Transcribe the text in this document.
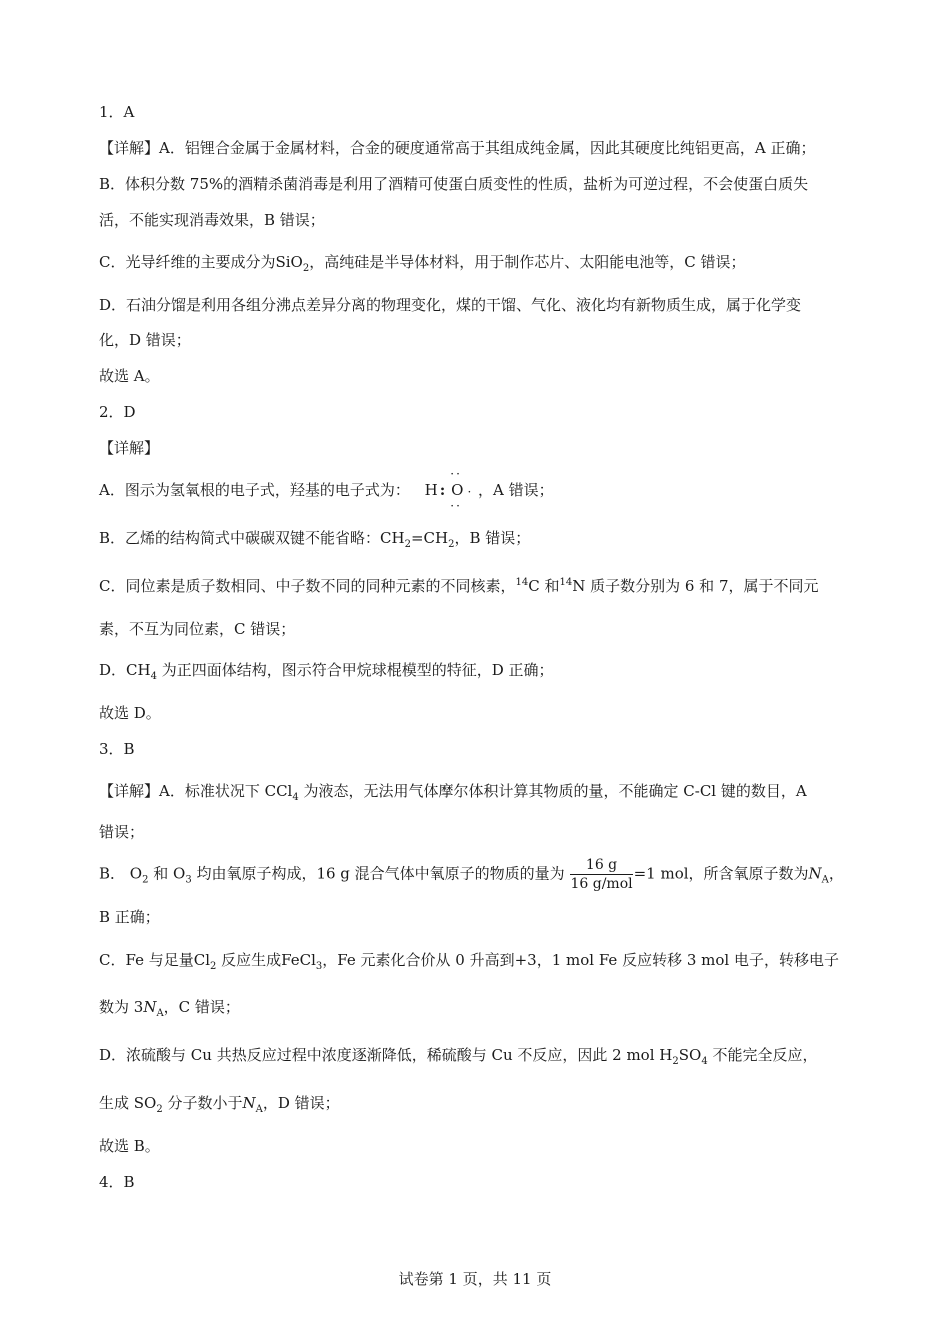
1．A
【详解】A．铝锂合金属于金属材料，合金的硬度通常高于其组成纯金属，因此其硬度比纯铝更高，A 正确；
B．体积分数 75%的酒精杀菌消毒是利用了酒精可使蛋白质变性的性质，盐析为可逆过程，不会使蛋白质失
活，不能实现消毒效果，B 错误；
C．光导纤维的主要成分为SiO$_2$，高纯硅是半导体材料，用于制作芯片、太阳能电池等，C 错误；
D．石油分馏是利用各组分沸点差异分离的物理变化，煤的干馏、气化、液化均有新物质生成，属于化学变
化，D 错误；
故选 A。
2．D
【详解】
A．图示为氢氧根的电子式，羟基的电子式为： H :
··
O
··
· ，A 错误；
B．乙烯的结构简式中碳碳双键不能省略：$CH_2=CH_2$，B 错误；
C．同位素是质子数相同、中子数不同的同种元素的不同核素，$^{14}$C 和$^{14}$N 质子数分别为 6 和 7，属于不同元
素，不互为同位素，C 错误；
D．$CH_4$ 为正四面体结构，图示符合甲烷球棍模型的特征，D 正确；
故选 D。
3．B
【详解】A．标准状况下 CCl$_4$ 为液态，无法用气体摩尔体积计算其物质的量，不能确定 C-Cl 键的数目，A
错误；
B． $O_2$ 和 $O_3$ 均由氧原子构成，16 g 混合气体中氧原子的物质的量为 $\frac{16 g}{\text{16 g/mol}} =1$ mol，所含氧原子数为$N_A$，
B 正确；
C．Fe 与足量$Cl_2$ 反应生成FeCl$_3$，Fe 元素化合价从 0 升高到+3，1 mol Fe 反应转移 3 mol 电子，转移电子
数为 $3N_A$，C 错误；
D．浓硫酸与 Cu 共热反应过程中浓度逐渐降低，稀硫酸与 Cu 不反应，因此 2 mol $H_2SO_4$ 不能完全反应，
生成 $SO_2$ 分子数小于$N_A$，D 错误；
故选 B。
4．B
试卷第 1 页，共 11 页
